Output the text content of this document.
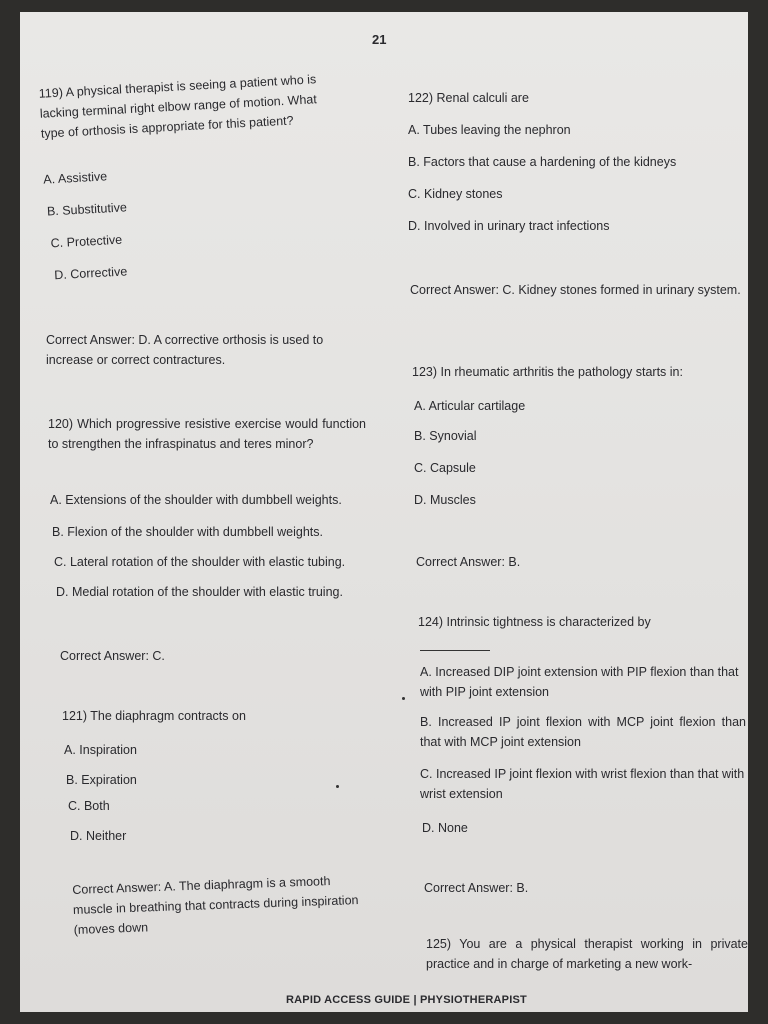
21
119) A physical therapist is seeing a patient who is
lacking terminal right elbow range of motion. What
type of orthosis is appropriate for this patient?
A. Assistive
B. Substitutive
C. Protective
D. Corrective
Correct Answer: D. A corrective orthosis is used to
increase or correct contractures.
120) Which progressive resistive exercise would function to strengthen the infraspinatus and teres minor?
A. Extensions of the shoulder with dumbbell weights.
B. Flexion of the shoulder with dumbbell weights.
C. Lateral rotation of the shoulder with elastic tubing.
D. Medial rotation of the shoulder with elastic truing.
Correct Answer: C.
121) The diaphragm contracts on
A. Inspiration
B. Expiration
C. Both
D. Neither
Correct Answer: A. The diaphragm is a smooth
muscle in breathing that contracts during inspiration
(moves down
122) Renal calculi are
A. Tubes leaving the nephron
B. Factors that cause a hardening of the kidneys
C. Kidney stones
D. Involved in urinary tract infections
Correct Answer: C. Kidney stones formed in urinary system.
123) In rheumatic arthritis the pathology starts in:
A. Articular cartilage
B. Synovial
C. Capsule
D. Muscles
Correct Answer: B.
124) Intrinsic tightness is characterized by
A. Increased DIP joint extension with PIP flexion than that with PIP joint extension
B. Increased IP joint flexion with MCP joint flexion than that with MCP joint extension
C. Increased IP joint flexion with wrist flexion than that with wrist extension
D. None
Correct Answer: B.
125) You are a physical therapist working in private practice and in charge of marketing a new work-
RAPID ACCESS GUIDE | PHYSIOTHERAPIST
